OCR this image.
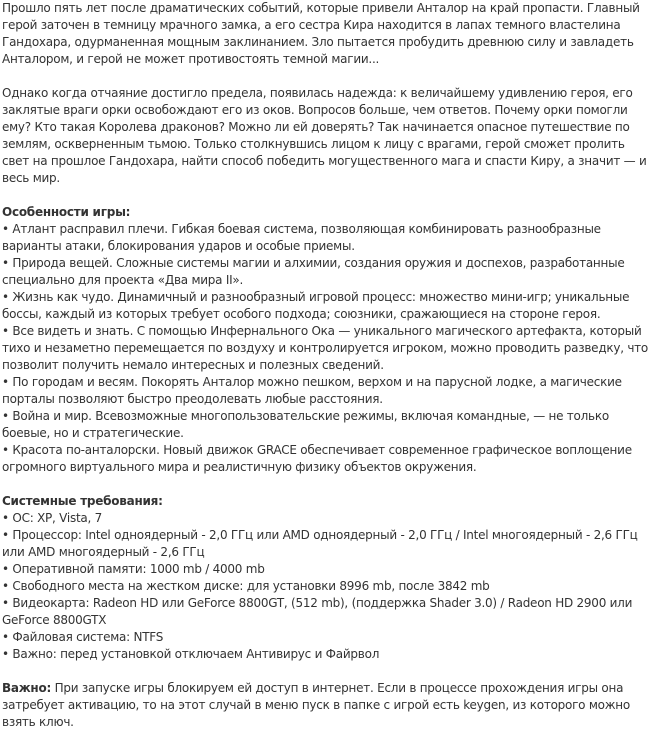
Прошло пять лет после драматических событий, которые привели Анталор на край пропасти. Главный герой заточен в темницу мрачного замка, а его сестра Кира находится в лапах темного властелина Гандохара, одурманенная мощным заклинанием. Зло пытается пробудить древнюю силу и завладеть Анталором, и герой не может противостоять темной магии...

Однако когда отчаяние достигло предела, появилась надежда: к величайшему удивлению героя, его заклятые враги орки освобождают его из оков. Вопросов больше, чем ответов. Почему орки помогли ему? Кто такая Королева драконов? Можно ли ей доверять? Так начинается опасное путешествие по землям, оскверненным тьмою. Только столкнувшись лицом к лицу с врагами, герой сможет пролить свет на прошлое Гандохара, найти способ победить могущественного мага и спасти Киру, а значит — и весь мир.

Особенности игры:
• Атлант расправил плечи. Гибкая боевая система, позволяющая комбинировать разнообразные варианты атаки, блокирования ударов и особые приемы.
• Природа вещей. Сложные системы магии и алхимии, создания оружия и доспехов, разработанные специально для проекта «Два мира II».
• Жизнь как чудо. Динамичный и разнообразный игровой процесс: множество мини-игр; уникальные боссы, каждый из которых требует особого подхода; союзники, сражающиеся на стороне героя.
• Все видеть и знать. С помощью Инфернального Ока — уникального магического артефакта, который тихо и незаметно перемещается по воздуху и контролируется игроком, можно проводить разведку, что позволит получить немало интересных и полезных сведений.
• По городам и весям. Покорять Анталор можно пешком, верхом и на парусной лодке, а магические порталы позволяют быстро преодолевать любые расстояния.
• Война и мир. Всевозможные многопользовательские режимы, включая командные, — не только боевые, но и стратегические.
• Красота по-анталорски. Новый движок GRACE обеспечивает современное графическое воплощение огромного виртуального мира и реалистичную физику объектов окружения.
Системные требования:
• ОС: XP, Vista, 7
• Процессор: Intel одноядерный - 2,0 ГГц или AMD одноядерный - 2,0 ГГц / Intel многоядерный - 2,6 ГГц или AMD многоядерный - 2,6 ГГц
• Оперативной памяти: 1000 mb / 4000 mb
• Свободного места на жестком диске: для установки 8996 mb, после 3842 mb
• Видеокарта: Radeon HD или GeForce 8800GT, (512 mb), (поддержка Shader 3.0) / Radeon HD 2900 или GeForce 8800GTX
• Файловая система: NTFS
• Важно: перед установкой отключаем Антивирус и Файрвол

Важно: При запуске игры блокируем ей доступ в интернет. Если в процессе прохождения игры она затребует активацию, то на этот случай в меню пуск в папке с игрой есть keygen, из которого можно взять ключ.
